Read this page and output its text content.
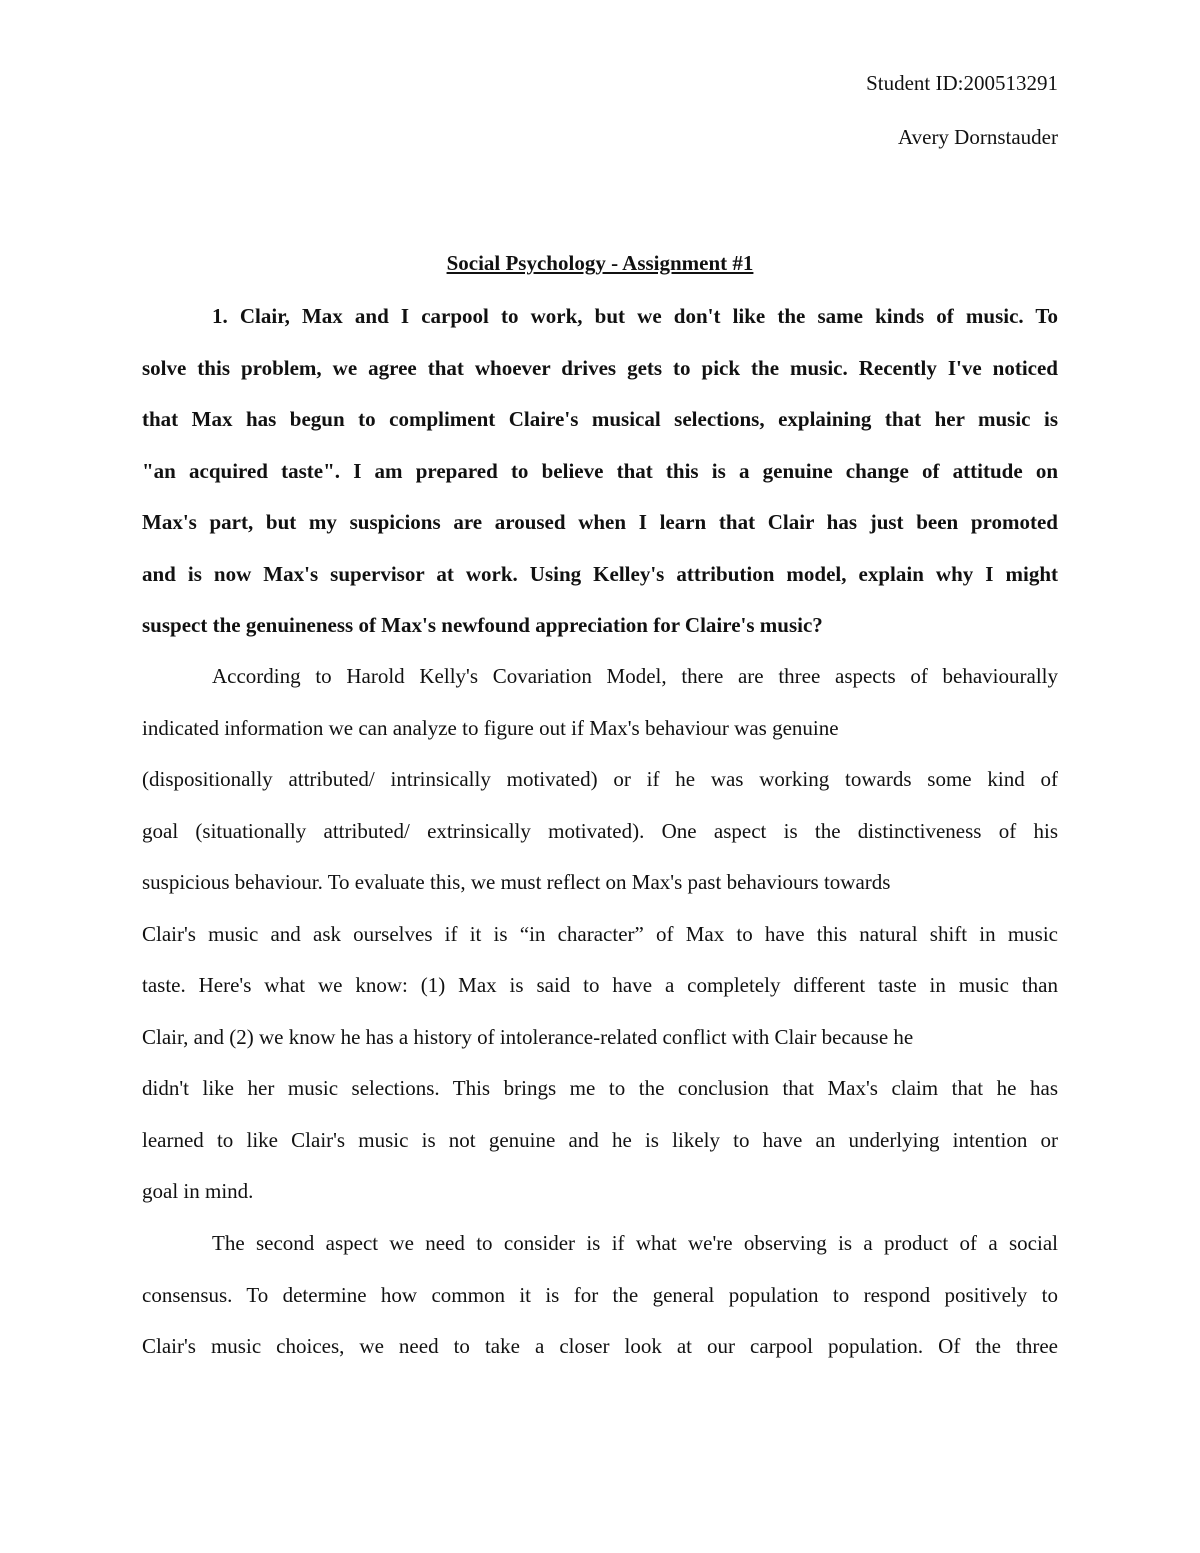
Student ID:200513291
Avery Dornstauder
Social Psychology - Assignment #1
1. Clair, Max and I carpool to work, but we don't like the same kinds of music. To
solve this problem, we agree that whoever drives gets to pick the music. Recently I've noticed
that Max has begun to compliment Claire's musical selections, explaining that her music is
"an acquired taste". I am prepared to believe that this is a genuine change of attitude on
Max's part, but my suspicions are aroused when I learn that Clair has just been promoted
and is now Max's supervisor at work. Using Kelley's attribution model, explain why I might
suspect the genuineness of Max's newfound appreciation for Claire's music?
According to Harold Kelly's Covariation Model, there are three aspects of behaviourally
indicated information we can analyze to figure out if Max's behaviour was genuine
(dispositionally attributed/ intrinsically motivated) or if he was working towards some kind of
goal (situationally attributed/ extrinsically motivated). One aspect is the distinctiveness of his
suspicious behaviour. To evaluate this, we must reflect on Max's past behaviours towards
Clair's music and ask ourselves if it is “in character” of Max to have this natural shift in music
taste. Here's what we know: (1) Max is said to have a completely different taste in music than
Clair, and (2) we know he has a history of intolerance-related conflict with Clair because he
didn't like her music selections. This brings me to the conclusion that Max's claim that he has
learned to like Clair's music is not genuine and he is likely to have an underlying intention or
goal in mind.
The second aspect we need to consider is if what we're observing is a product of a social
consensus. To determine how common it is for the general population to respond positively to
Clair's music choices, we need to take a closer look at our carpool population. Of the three
